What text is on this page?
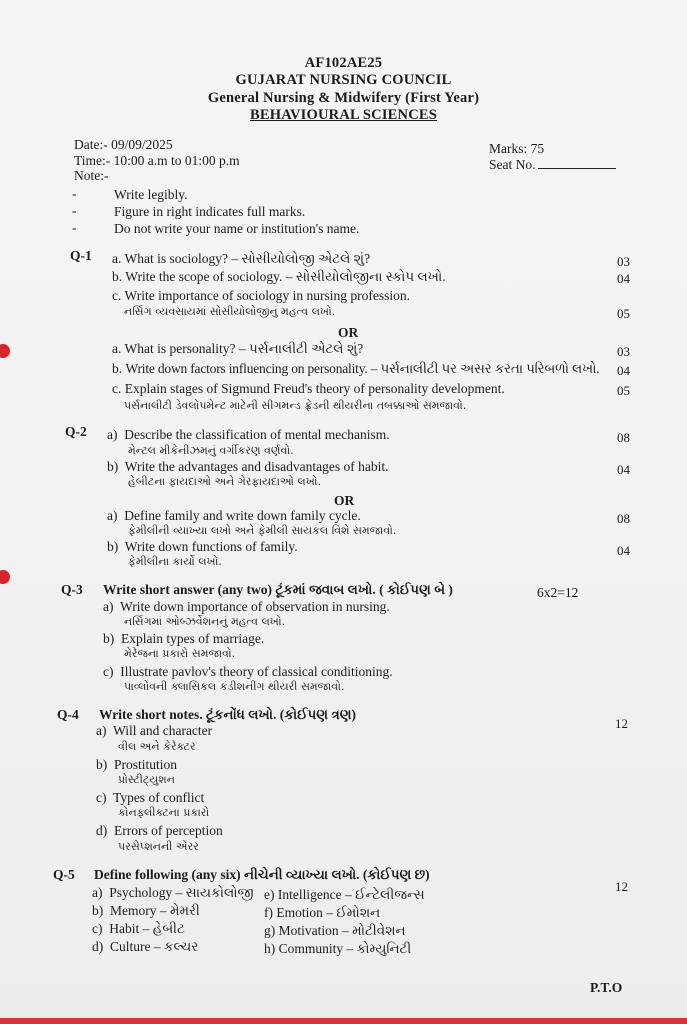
AF102AE25
GUJARAT NURSING COUNCIL
General Nursing & Midwifery (First Year)
BEHAVIOURAL SCIENCES
Date:- 09/09/2025
Time:- 10:00 a.m to 01:00 p.m
Note:-
Marks: 75
Seat No.
-	Write legibly.
-	Figure in right indicates full marks.
-	Do not write your name or institution's name.
Q-1 a. What is sociology? – સોસીયોલોજી એટલે શું?	03
b. Write the scope of sociology. – સોસીયોલોજીના સ્કોપ લખો.	04
c. Write importance of sociology in nursing profession.
નર્સિંગ વ્યવસાયમાં સોસીયોલોજીનું મહત્વ લખો.	05
OR
a. What is personality? – પર્સનાલીટી એટલે શું?	03
b. Write down factors influencing on personality. – પર્સનાલીટી પર અસર કરતા પરિબળો લખો.	04
c. Explain stages of Sigmund Freud's theory of personality development.
પર્સનાલીટી ડેવલોપમેન્ટ માટેની સીગમન્ડ ફ્રેડની થીયરીના તબક્કાઓ સમજાવો.
05
Q-2 a) Describe the classification of mental mechanism.
મેન્ટલ મીકેનીઝમનું વર્ગીકરણ વર્ણવો.
08
b) Write the advantages and disadvantages of habit.
હેબીટના ફાયદાઓ અને ગેરફાયદાઓ લખો.
04
OR
a) Define family and write down family cycle.
ફેમીલીની વ્યાખ્યા લખો અને ફેમીલી સાયકલ વિશે સમજાવો.
08
b) Write down functions of family.
ફેમીલીના કાર્યો લખો.
04
Q-3 Write short answer (any two) ટૂંકમાં જવાબ લખો. ( કોઈપણ બે )	6x2=12
a) Write down importance of observation in nursing.
નર્સિંગમાં ઓબ્ઝર્વેશનનું મહત્વ લખો.
b) Explain types of marriage.
મેરેજના પ્રકારો સમજાવો.
c) Illustrate pavlov's theory of classical conditioning.
પાવ્લોવની ક્લાસિકલ કંડીશનીંગ થીયરી સમજાવો.
Q-4 Write short notes. ટૂંકનોંધ લખો. (કોઈપણ ત્રણ)
12
a) Will and character
વીલ અને કેરેક્ટર
b) Prostitution
પ્રોસ્ટીટ્યુશન
c) Types of conflict
કોનફ્લીક્ટના પ્રકારો
d) Errors of perception
પરસેપ્શનની એરર
Q-5 Define following (any six) નીચેની વ્યાખ્યા લખો. (કોઈપણ છ)
12
a) Psychology – સાયકોલોજી
b) Memory – મેમરી
c) Habit – હેબીટ
d) Culture – કલ્ચર
e) Intelligence – ઈન્ટેલીજન્સ
f) Emotion – ઈમોશન
g) Motivation – મોટીવેશન
h) Community – કોમ્યુનિટી
P.T.O
